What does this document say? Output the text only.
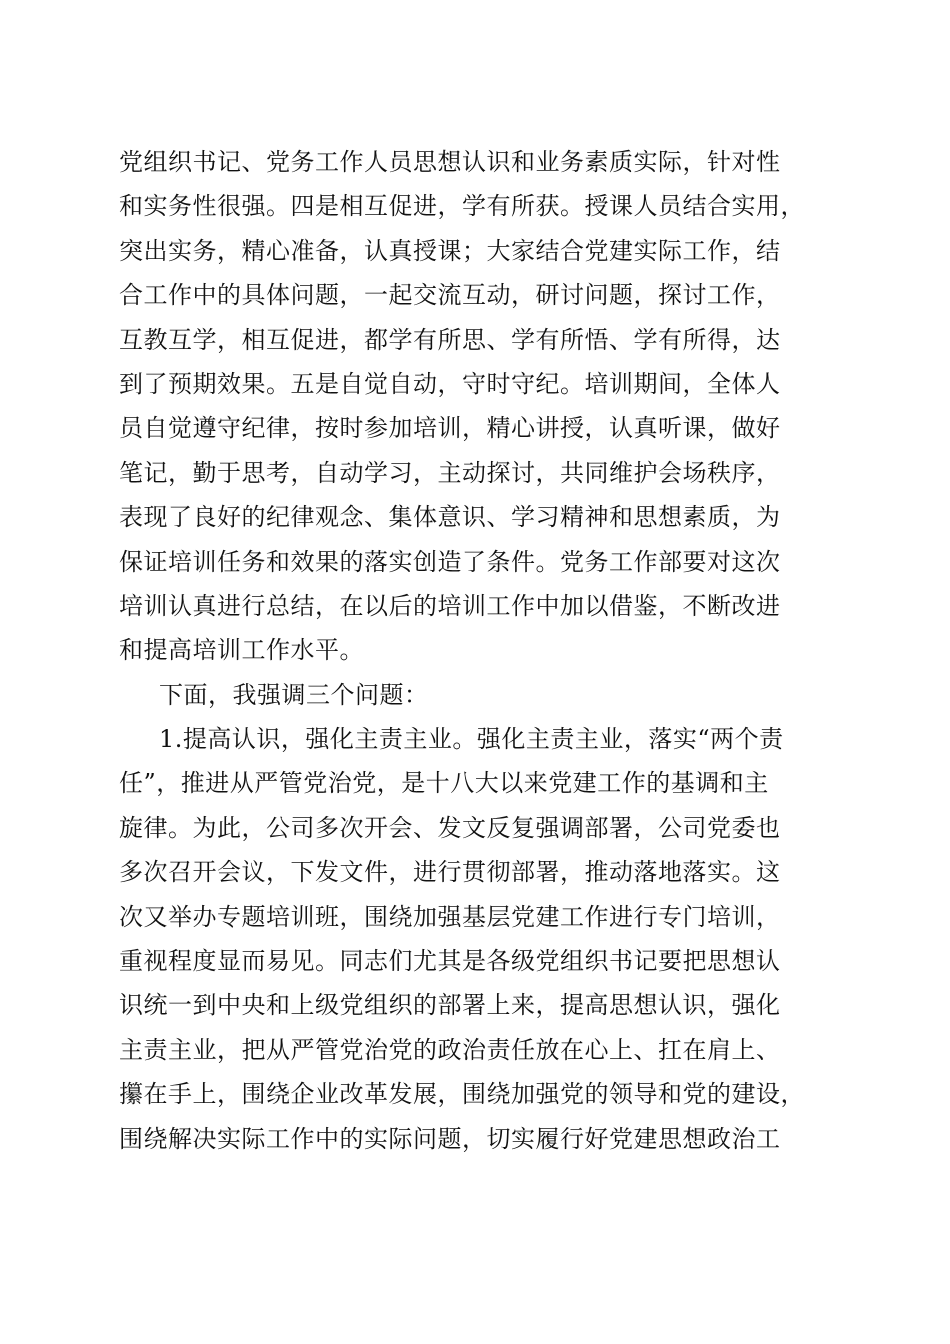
党组织书记、党务工作人员思想认识和业务素质实际，针对性
和实务性很强。四是相互促进，学有所获。授课人员结合实用，
突出实务，精心准备，认真授课；大家结合党建实际工作，结
合工作中的具体问题，一起交流互动，研讨问题，探讨工作，
互教互学，相互促进，都学有所思、学有所悟、学有所得，达
到了预期效果。五是自觉自动，守时守纪。培训期间，全体人
员自觉遵守纪律，按时参加培训，精心讲授，认真听课，做好
笔记，勤于思考，自动学习，主动探讨，共同维护会场秩序，
表现了良好的纪律观念、集体意识、学习精神和思想素质，为
保证培训任务和效果的落实创造了条件。党务工作部要对这次
培训认真进行总结，在以后的培训工作中加以借鉴，不断改进
和提高培训工作水平。
下面，我强调三个问题：
1.提高认识，强化主责主业。强化主责主业，落实“两个责
任”，推进从严管党治党，是十八大以来党建工作的基调和主
旋律。为此，公司多次开会、发文反复强调部署，公司党委也
多次召开会议，下发文件，进行贯彻部署，推动落地落实。这
次又举办专题培训班，围绕加强基层党建工作进行专门培训，
重视程度显而易见。同志们尤其是各级党组织书记要把思想认
识统一到中央和上级党组织的部署上来，提高思想认识，强化
主责主业，把从严管党治党的政治责任放在心上、扛在肩上、
攥在手上，围绕企业改革发展，围绕加强党的领导和党的建设，
围绕解决实际工作中的实际问题，切实履行好党建思想政治工
